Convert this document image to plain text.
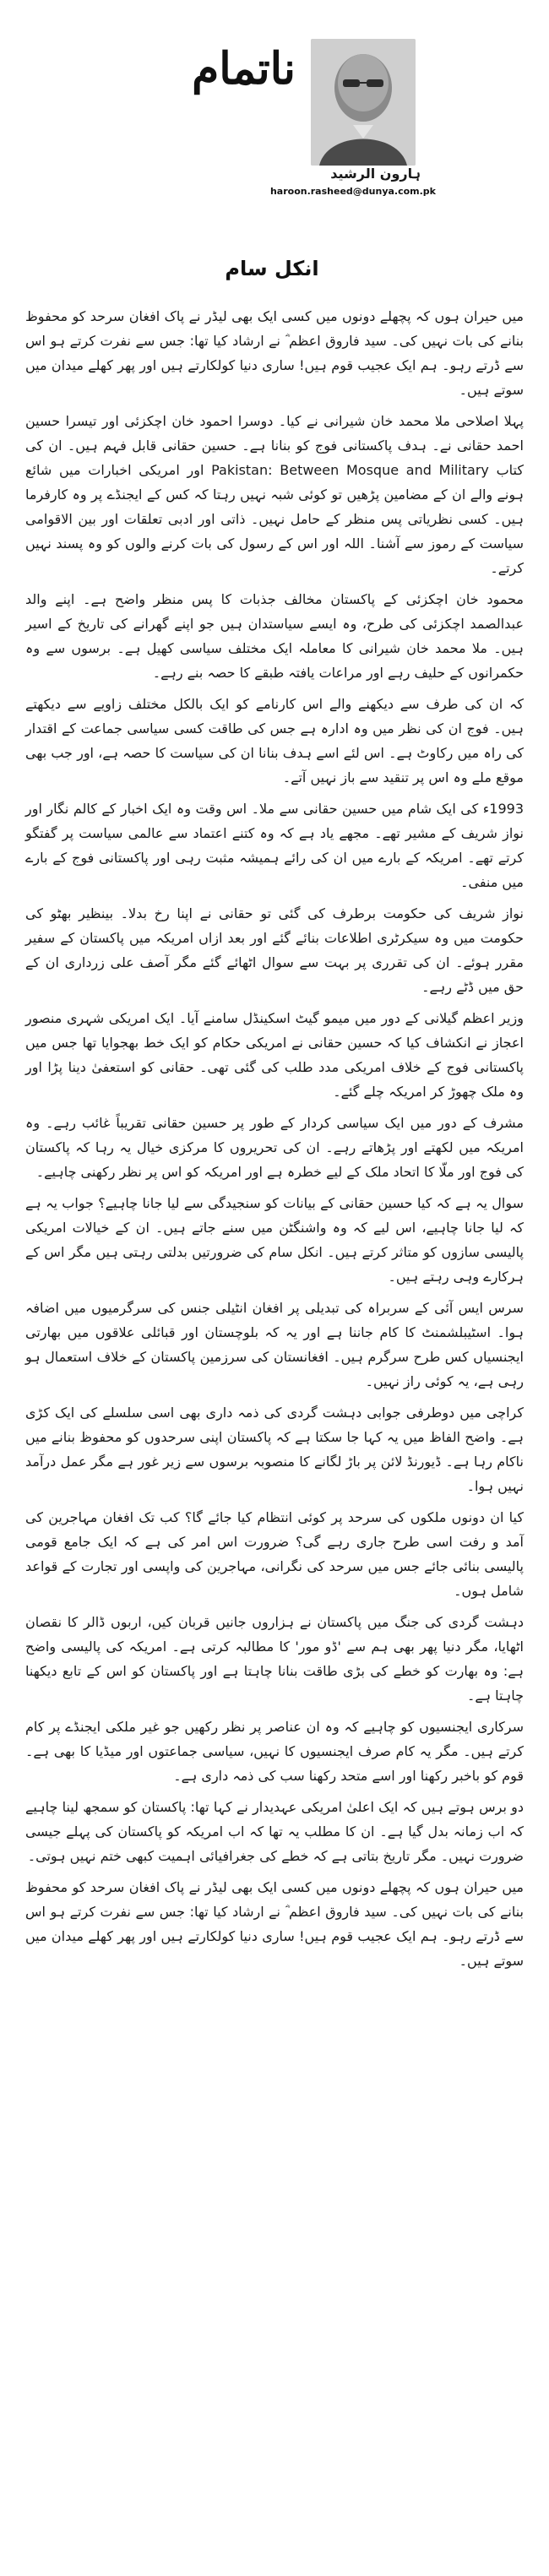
ناتمام
ہارون الرشید
haroon.rasheed@dunya.com.pk
انکل سام

میں حیران ہوں کہ پچھلے دونوں میں کسی ایک بھی لیڈر نے پاک افغان سرحد کو محفوظ بنانے کی بات نہیں کی۔ سید فاروق اعظم ؓ نے ارشاد کیا تھا: جس سے نفرت کرتے ہو اس سے ڈرتے رہو۔ ہم ایک عجیب قوم ہیں! ساری دنیا کولکارتے ہیں اور پھر کھلے میدان میں سوتے ہیں۔

پہلا اصلاحی ملا محمد خان شیرانی نے کیا۔ دوسرا احمود خان اچکزئی اور تیسرا حسین احمد حقانی نے۔ ہدف پاکستانی فوج کو بنانا ہے۔ حسین حقانی قابل فہم ہیں۔ ان کی کتاب Pakistan: Between Mosque and Military اور امریکی اخبارات میں شائع ہونے والے ان کے مضامین پڑھیں تو کوئی شبہ نہیں رہتا کہ کس کے ایجنڈے پر وہ کارفرما ہیں۔ کسی نظریاتی پس منظر کے حامل نہیں۔ ذاتی اور ادبی تعلقات اور بین الاقوامی سیاست کے رموز سے آشنا۔ اللہ اور اس کے رسول کی بات کرنے والوں کو وہ پسند نہیں کرتے۔

محمود خان اچکزئی کے پاکستان مخالف جذبات کا پس منظر واضح ہے۔ اپنے والد عبدالصمد اچکزئی کی طرح، وہ ایسے سیاستدان ہیں جو اپنے گھرانے کی تاریخ کے اسیر ہیں۔ ملا محمد خان شیرانی کا معاملہ ایک مختلف سیاسی کھیل ہے۔ برسوں سے وہ حکمرانوں کے حلیف رہے اور مراعات یافتہ طبقے کا حصہ بنے رہے۔

کہ ان کی طرف سے دیکھنے والے اس کارنامے کو ایک بالکل مختلف زاویے سے دیکھتے ہیں۔ فوج ان کی نظر میں وہ ادارہ ہے جس کی طاقت کسی سیاسی جماعت کے اقتدار کی راہ میں رکاوٹ ہے۔ اس لئے اسے ہدف بنانا ان کی سیاست کا حصہ ہے، اور جب بھی موقع ملے وہ اس پر تنقید سے باز نہیں آتے۔

1993ء کی ایک شام میں حسین حقانی سے ملا۔ اس وقت وہ ایک اخبار کے کالم نگار اور نواز شریف کے مشیر تھے۔ مجھے یاد ہے کہ وہ کتنے اعتماد سے عالمی سیاست پر گفتگو کرتے تھے۔ امریکہ کے بارے میں ان کی رائے ہمیشہ مثبت رہی اور پاکستانی فوج کے بارے میں منفی۔

نواز شریف کی حکومت برطرف کی گئی تو حقانی نے اپنا رخ بدلا۔ بینظیر بھٹو کی حکومت میں وہ سیکرٹری اطلاعات بنائے گئے اور بعد ازاں امریکہ میں پاکستان کے سفیر مقرر ہوئے۔ ان کی تقرری پر بہت سے سوال اٹھائے گئے مگر آصف علی زرداری ان کے حق میں ڈٹے رہے۔

وزیر اعظم گیلانی کے دور میں میمو گیٹ اسکینڈل سامنے آیا۔ ایک امریکی شہری منصور اعجاز نے انکشاف کیا کہ حسین حقانی نے امریکی حکام کو ایک خط بھجوایا تھا جس میں پاکستانی فوج کے خلاف امریکی مدد طلب کی گئی تھی۔ حقانی کو استعفیٰ دینا پڑا اور وہ ملک چھوڑ کر امریکہ چلے گئے۔

مشرف کے دور میں ایک سیاسی کردار کے طور پر حسین حقانی تقریباً غائب رہے۔ وہ امریکہ میں لکھتے اور پڑھاتے رہے۔ ان کی تحریروں کا مرکزی خیال یہ رہا کہ پاکستان کی فوج اور ملّا کا اتحاد ملک کے لیے خطرہ ہے اور امریکہ کو اس پر نظر رکھنی چاہیے۔

سوال یہ ہے کہ کیا حسین حقانی کے بیانات کو سنجیدگی سے لیا جانا چاہیے؟ جواب یہ ہے کہ لیا جانا چاہیے، اس لیے کہ وہ واشنگٹن میں سنے جاتے ہیں۔ ان کے خیالات امریکی پالیسی سازوں کو متاثر کرتے ہیں۔ انکل سام کی ضرورتیں بدلتی رہتی ہیں مگر اس کے ہرکارے وہی رہتے ہیں۔

سرس ایس آئی کے سربراہ کی تبدیلی پر افغان انٹیلی جنس کی سرگرمیوں میں اضافہ ہوا۔ اسٹیبلشمنٹ کا کام جاننا ہے اور یہ کہ بلوچستان اور قبائلی علاقوں میں بھارتی ایجنسیاں کس طرح سرگرم ہیں۔ افغانستان کی سرزمین پاکستان کے خلاف استعمال ہو رہی ہے، یہ کوئی راز نہیں۔

کراچی میں دوطرفی جوابی دہشت گردی کی ذمہ داری بھی اسی سلسلے کی ایک کڑی ہے۔ واضح الفاظ میں یہ کہا جا سکتا ہے کہ پاکستان اپنی سرحدوں کو محفوظ بنانے میں ناکام رہا ہے۔ ڈیورنڈ لائن پر باڑ لگانے کا منصوبہ برسوں سے زیر غور ہے مگر عمل درآمد نہیں ہوا۔

کیا ان دونوں ملکوں کی سرحد پر کوئی انتظام کیا جائے گا؟ کب تک افغان مہاجرین کی آمد و رفت اسی طرح جاری رہے گی؟ ضرورت اس امر کی ہے کہ ایک جامع قومی پالیسی بنائی جائے جس میں سرحد کی نگرانی، مہاجرین کی واپسی اور تجارت کے قواعد شامل ہوں۔

دہشت گردی کی جنگ میں پاکستان نے ہزاروں جانیں قربان کیں، اربوں ڈالر کا نقصان اٹھایا، مگر دنیا پھر بھی ہم سے 'ڈو مور' کا مطالبہ کرتی ہے۔ امریکہ کی پالیسی واضح ہے: وہ بھارت کو خطے کی بڑی طاقت بنانا چاہتا ہے اور پاکستان کو اس کے تابع دیکھنا چاہتا ہے۔

سرکاری ایجنسیوں کو چاہیے کہ وہ ان عناصر پر نظر رکھیں جو غیر ملکی ایجنڈے پر کام کرتے ہیں۔ مگر یہ کام صرف ایجنسیوں کا نہیں، سیاسی جماعتوں اور میڈیا کا بھی ہے۔ قوم کو باخبر رکھنا اور اسے متحد رکھنا سب کی ذمہ داری ہے۔

دو برس ہوتے ہیں کہ ایک اعلیٰ امریکی عہدیدار نے کہا تھا: پاکستان کو سمجھ لینا چاہیے کہ اب زمانہ بدل گیا ہے۔ ان کا مطلب یہ تھا کہ اب امریکہ کو پاکستان کی پہلے جیسی ضرورت نہیں۔ مگر تاریخ بتاتی ہے کہ خطے کی جغرافیائی اہمیت کبھی ختم نہیں ہوتی۔

میں حیران ہوں کہ پچھلے دونوں میں کسی ایک بھی لیڈر نے پاک افغان سرحد کو محفوظ بنانے کی بات نہیں کی۔ سید فاروق اعظم ؓ نے ارشاد کیا تھا: جس سے نفرت کرتے ہو اس سے ڈرتے رہو۔ ہم ایک عجیب قوم ہیں! ساری دنیا کولکارتے ہیں اور پھر کھلے میدان میں سوتے ہیں۔
